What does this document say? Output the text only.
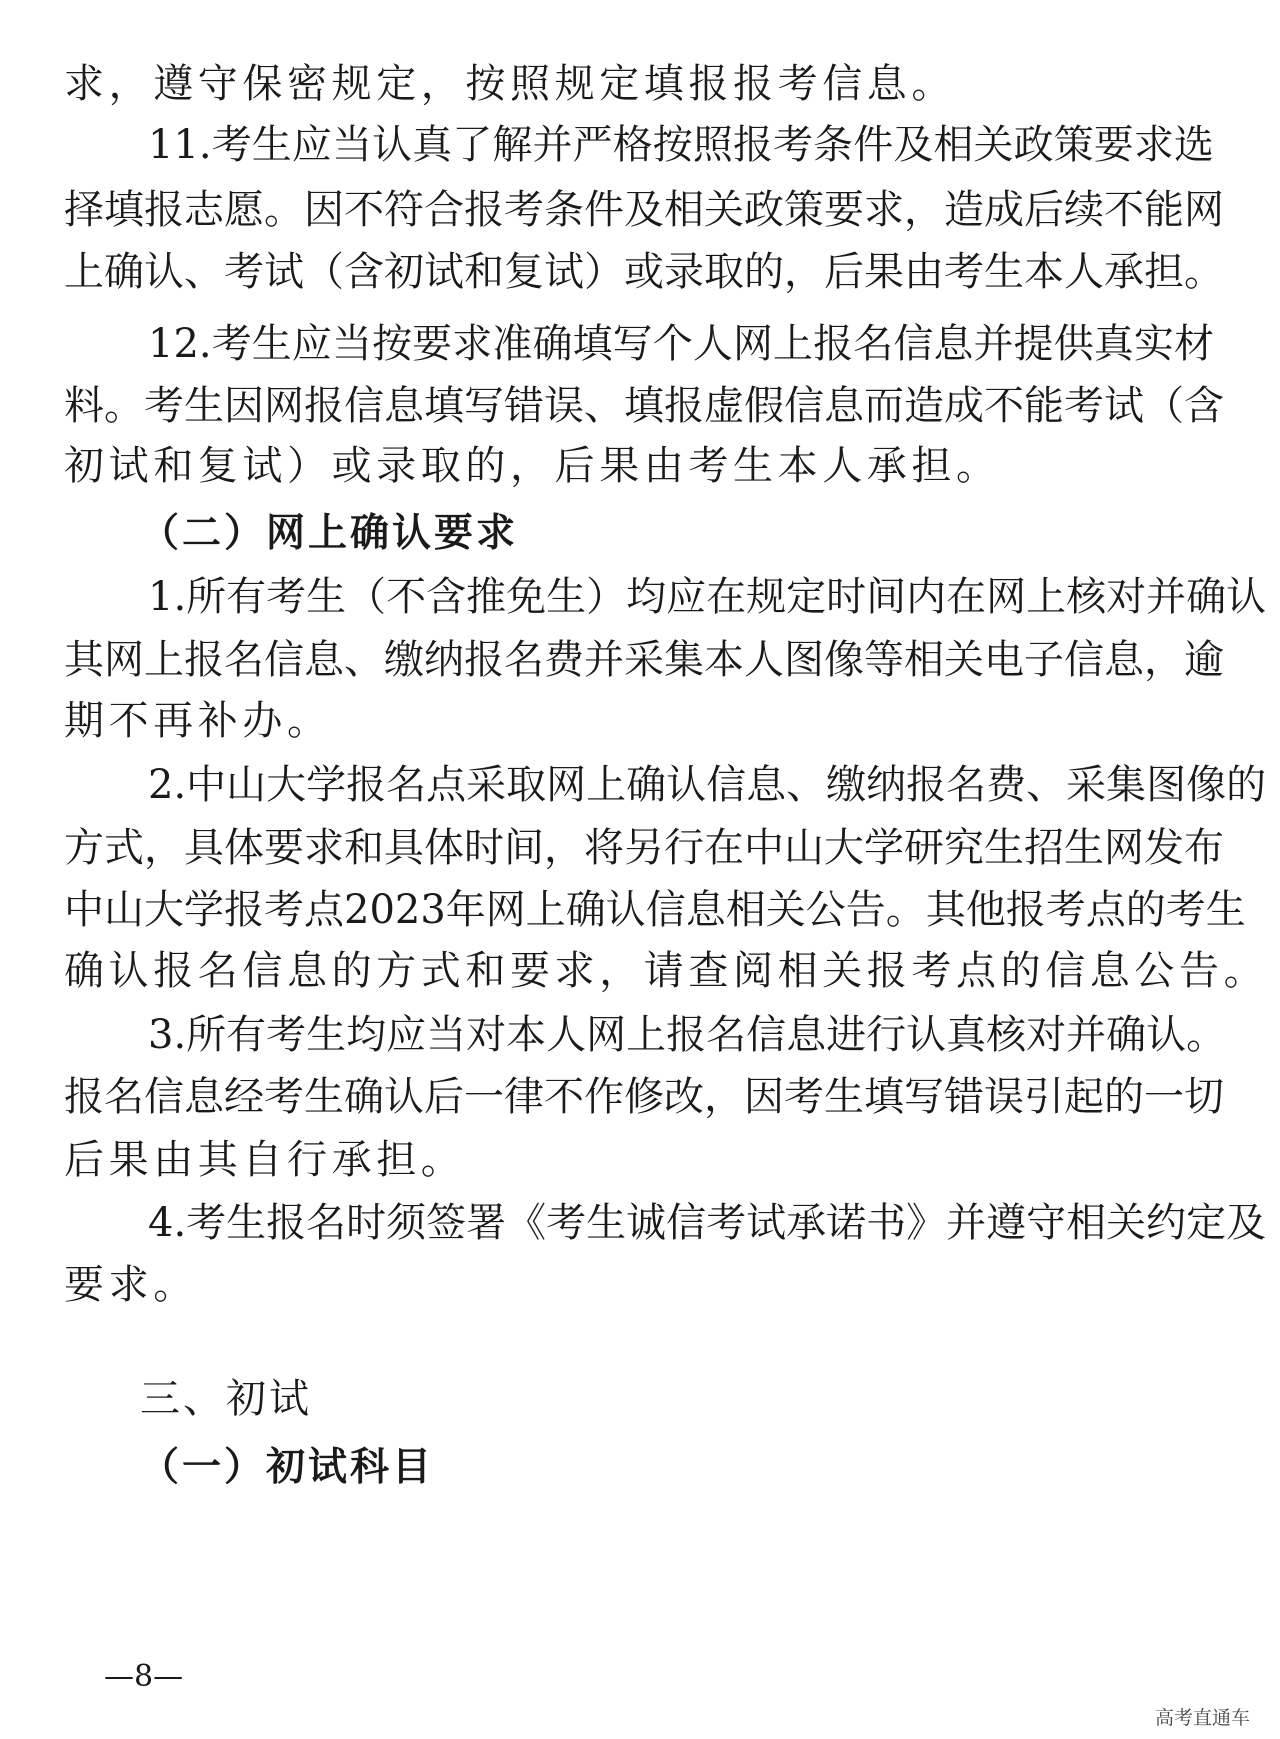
求，遵守保密规定，按照规定填报报考信息。
11.考生应当认真了解并严格按照报考条件及相关政策要求选
择填报志愿。因不符合报考条件及相关政策要求，造成后续不能网
上确认、考试（含初试和复试）或录取的，后果由考生本人承担。
12.考生应当按要求准确填写个人网上报名信息并提供真实材
料。考生因网报信息填写错误、填报虚假信息而造成不能考试（含
初试和复试）或录取的，后果由考生本人承担。
（二）网上确认要求
1.所有考生（不含推免生）均应在规定时间内在网上核对并确认
其网上报名信息、缴纳报名费并采集本人图像等相关电子信息，逾
期不再补办。
2.中山大学报名点采取网上确认信息、缴纳报名费、采集图像的
方式，具体要求和具体时间，将另行在中山大学研究生招生网发布
中山大学报考点2023年网上确认信息相关公告。其他报考点的考生
确认报名信息的方式和要求，请查阅相关报考点的信息公告。
3.所有考生均应当对本人网上报名信息进行认真核对并确认。
报名信息经考生确认后一律不作修改，因考生填写错误引起的一切
后果由其自行承担。
4.考生报名时须签署《考生诚信考试承诺书》并遵守相关约定及
要求。
三、初试
（一）初试科目
—8—
高考直通车
